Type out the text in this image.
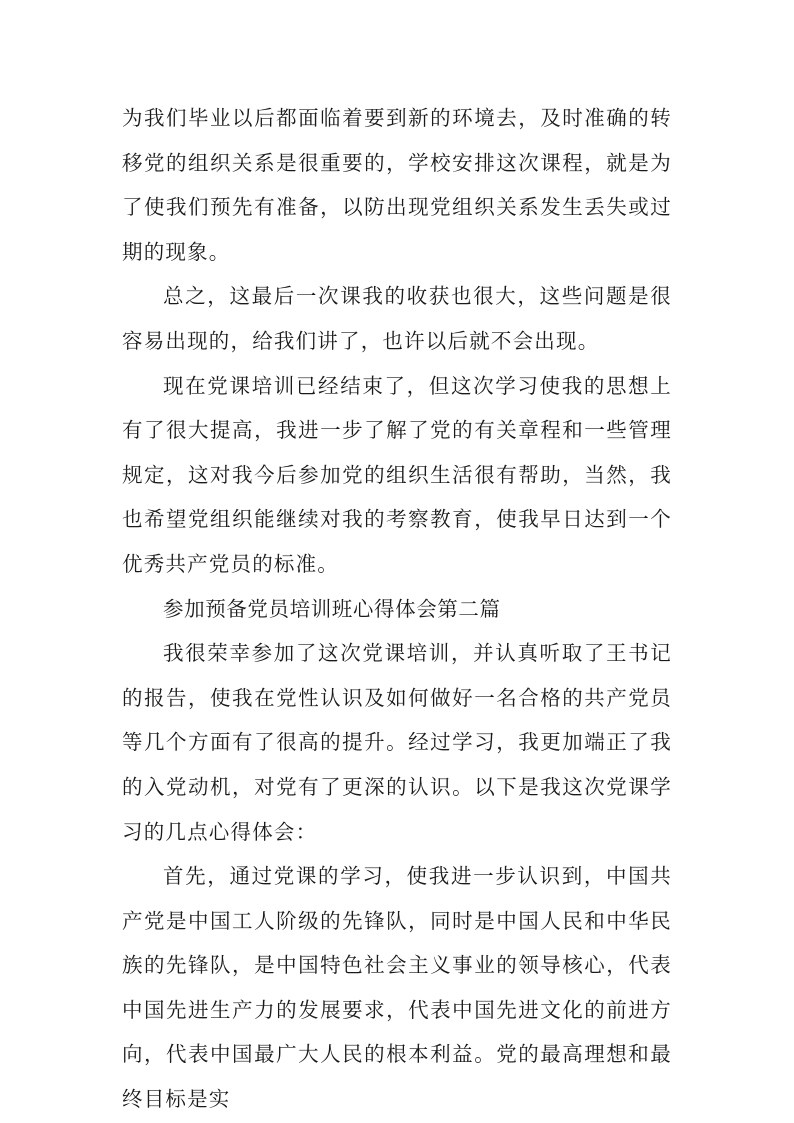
为我们毕业以后都面临着要到新的环境去，及时准确的转移党的组织关系是很重要的，学校安排这次课程，就是为了使我们预先有准备，以防出现党组织关系发生丢失或过期的现象。

总之，这最后一次课我的收获也很大，这些问题是很容易出现的，给我们讲了，也许以后就不会出现。

现在党课培训已经结束了，但这次学习使我的思想上有了很大提高，我进一步了解了党的有关章程和一些管理规定，这对我今后参加党的组织生活很有帮助，当然，我也希望党组织能继续对我的考察教育，使我早日达到一个优秀共产党员的标准。

参加预备党员培训班心得体会第二篇

我很荣幸参加了这次党课培训，并认真听取了王书记的报告，使我在党性认识及如何做好一名合格的共产党员等几个方面有了很高的提升。经过学习，我更加端正了我的入党动机，对党有了更深的认识。以下是我这次党课学习的几点心得体会：

首先，通过党课的学习，使我进一步认识到，中国共产党是中国工人阶级的先锋队，同时是中国人民和中华民族的先锋队，是中国特色社会主义事业的领导核心，代表中国先进生产力的发展要求，代表中国先进文化的前进方向，代表中国最广大人民的根本利益。党的最高理想和最终目标是实
